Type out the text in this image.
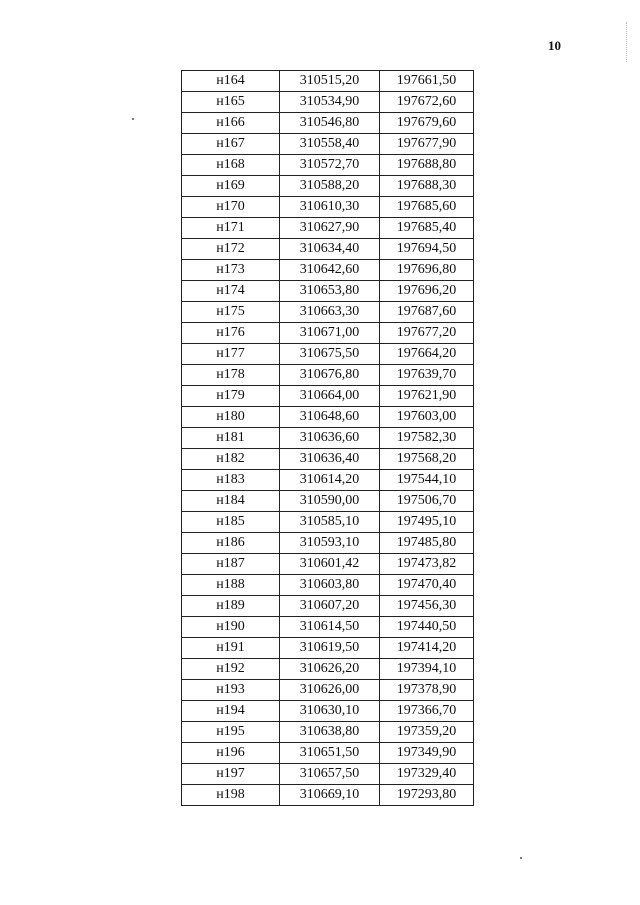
10
н164	310515,20	197661,50
н165	310534,90	197672,60
н166	310546,80	197679,60
н167	310558,40	197677,90
н168	310572,70	197688,80
н169	310588,20	197688,30
н170	310610,30	197685,60
н171	310627,90	197685,40
н172	310634,40	197694,50
н173	310642,60	197696,80
н174	310653,80	197696,20
н175	310663,30	197687,60
н176	310671,00	197677,20
н177	310675,50	197664,20
н178	310676,80	197639,70
н179	310664,00	197621,90
н180	310648,60	197603,00
н181	310636,60	197582,30
н182	310636,40	197568,20
н183	310614,20	197544,10
н184	310590,00	197506,70
н185	310585,10	197495,10
н186	310593,10	197485,80
н187	310601,42	197473,82
н188	310603,80	197470,40
н189	310607,20	197456,30
н190	310614,50	197440,50
н191	310619,50	197414,20
н192	310626,20	197394,10
н193	310626,00	197378,90
н194	310630,10	197366,70
н195	310638,80	197359,20
н196	310651,50	197349,90
н197	310657,50	197329,40
н198	310669,10	197293,80
